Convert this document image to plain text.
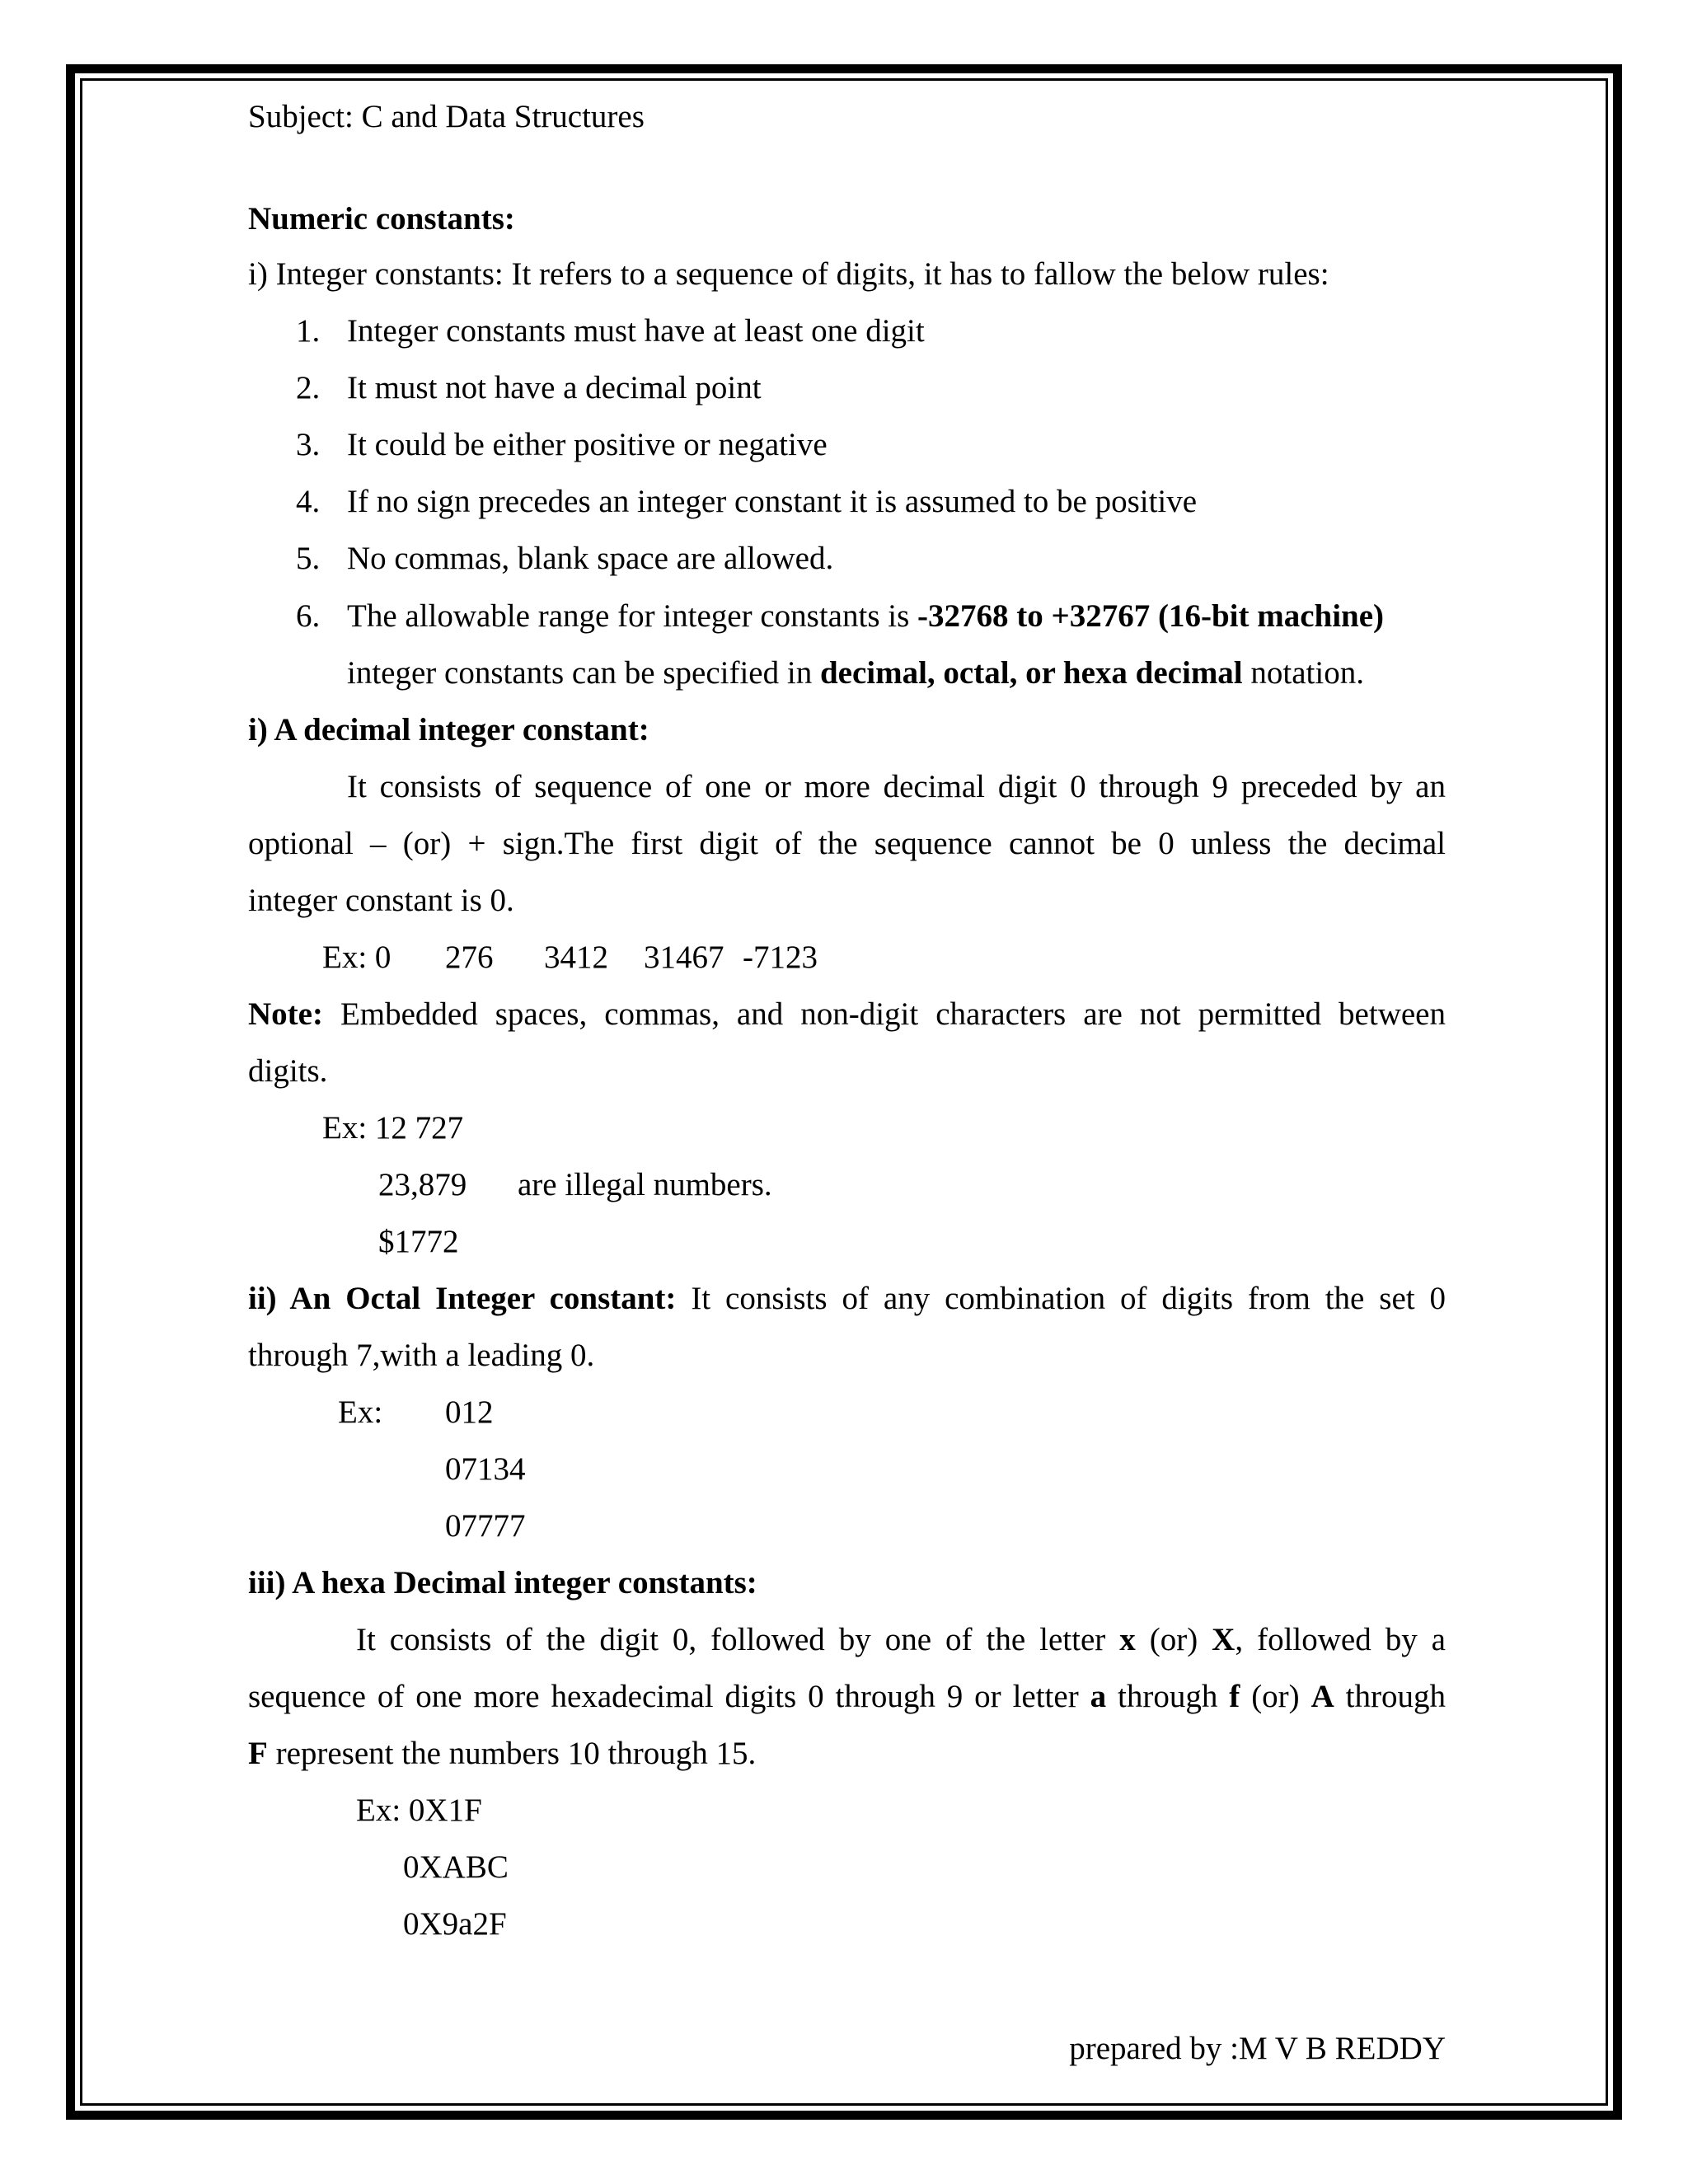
Subject: C and Data Structures
Numeric constants:
i) Integer constants: It refers to a sequence of digits, it has to fallow the below rules:
1. Integer constants must have at least one digit
2. It must not have a decimal point
3. It could be either positive or negative
4. If no sign precedes an integer constant it is assumed to be positive
5. No commas, blank space are allowed.
6. The allowable range for integer constants is -32768 to +32767 (16-bit machine)
integer constants can be specified in decimal, octal, or hexa decimal notation.
i) A decimal integer constant:
It consists of sequence of one or more decimal digit 0 through 9 preceded by an
optional – (or) + sign.The first digit of the sequence cannot be 0 unless the decimal
integer constant is 0.
Ex: 0 276 3412 31467 -7123
Note: Embedded spaces, commas, and non-digit characters are not permitted between
digits.
Ex: 12 727
23,879 are illegal numbers.
$1772
ii) An Octal Integer constant: It consists of any combination of digits from the set 0
through 7,with a leading 0.
Ex: 012
07134
07777
iii) A hexa Decimal integer constants:
It consists of the digit 0, followed by one of the letter x (or) X, followed by a
sequence of one more hexadecimal digits 0 through 9 or letter a through f (or) A through
F represent the numbers 10 through 15.
Ex: 0X1F
0XABC
0X9a2F
prepared by :M V B REDDY
